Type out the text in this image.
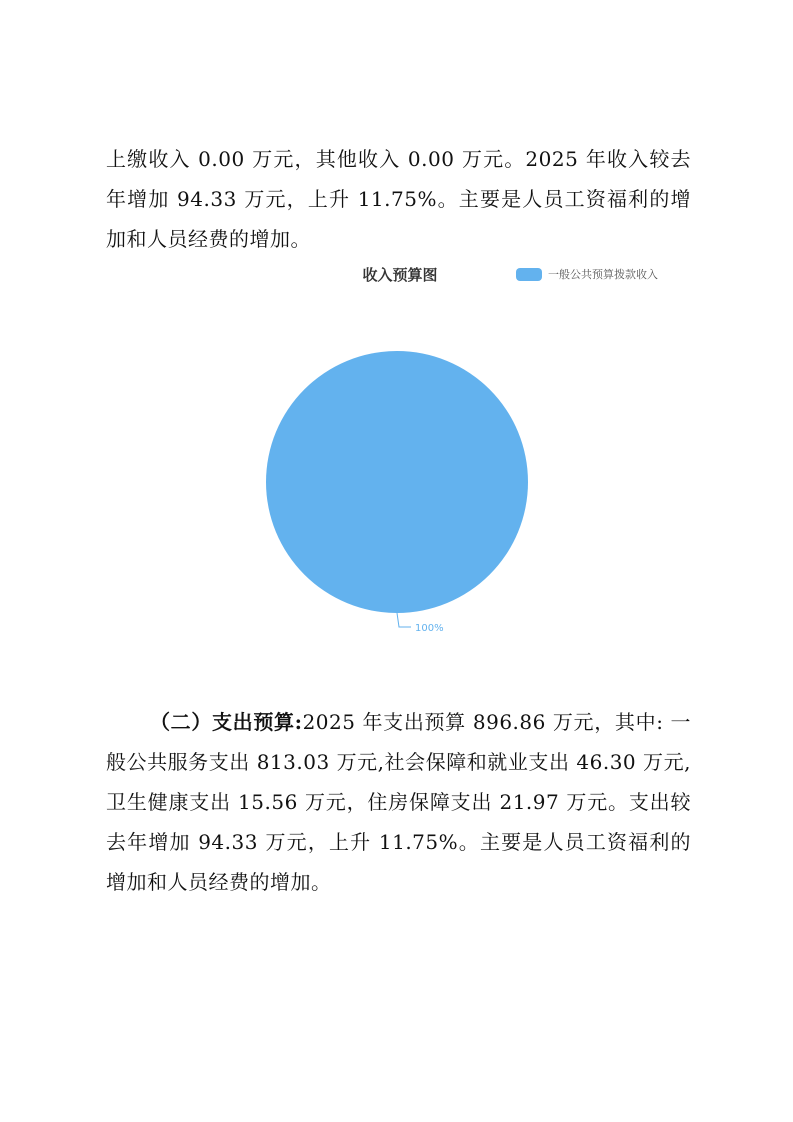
上缴收入 0.00 万元，其他收入 0.00 万元。2025 年收入较去年增加 94.33 万元，上升 11.75%。主要是人员工资福利的增加和人员经费的增加。

收入预算图	一般公共预算拨款收入
100%

（二）支出预算:2025 年支出预算 896.86 万元，其中: 一般公共服务支出 813.03 万元,社会保障和就业支出 46.30 万元,卫生健康支出 15.56 万元，住房保障支出 21.97 万元。支出较去年增加 94.33 万元，上升 11.75%。主要是人员工资福利的增加和人员经费的增加。
